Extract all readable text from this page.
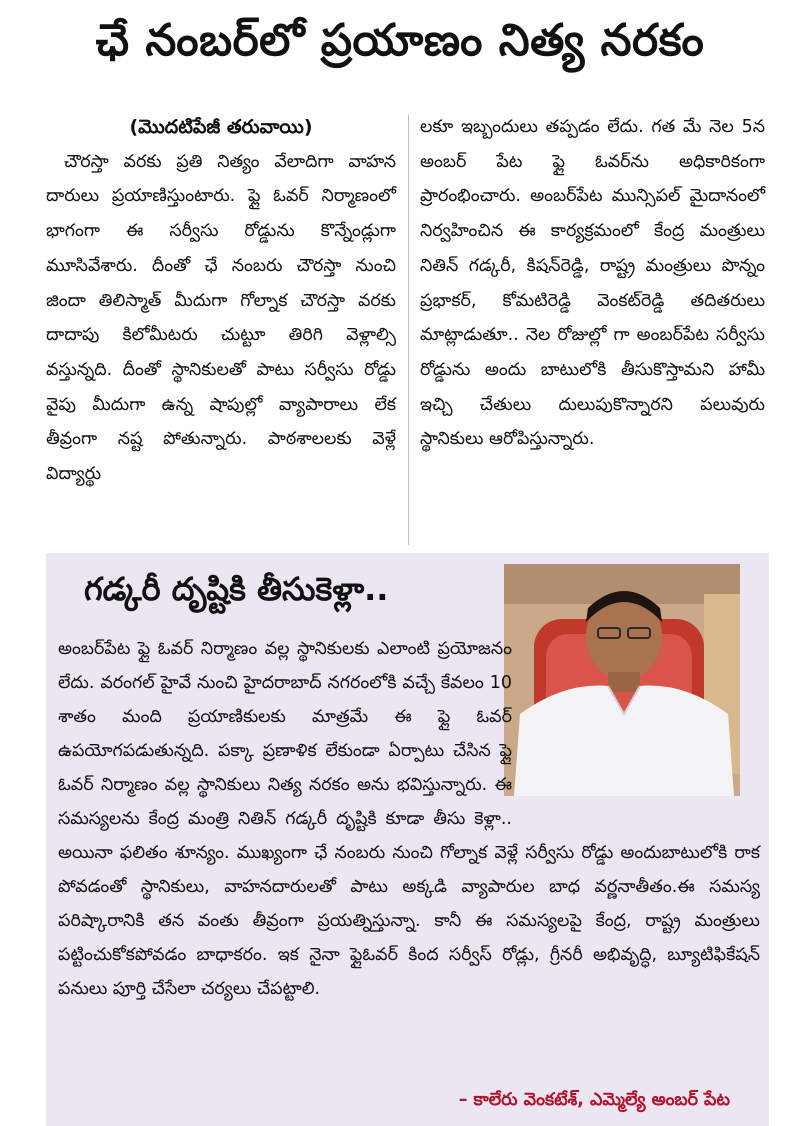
ఛే నంబర్‌లో ప్రయాణం నిత్య నరకం
(మొదటిపేజీ తరువాయి)
చౌరస్తా వరకు ప్రతి నిత్యం వేలాదిగా వాహన దారులు ప్రయాణిస్తుంటారు. ఫ్లై ఓవర్ నిర్మాణంలో భాగంగా ఈ సర్వీసు రోడ్డును కొన్నేండ్లుగా మూసివేశారు. దీంతో ఛే నంబరు చౌరస్తా నుంచి జిందా తిలిస్మాత్ మీదుగా గోల్నాక చౌరస్తా వరకు దాదాపు కిలోమీటరు చుట్టూ తిరిగి వెళ్లాల్సి వస్తున్నది. దీంతో స్థానికులతో పాటు సర్వీసు రోడ్డు వైపు మీదుగా ఉన్న షాపుల్లో వ్యాపారాలు లేక తీవ్రంగా నష్ట పోతున్నారు. పాఠశాలలకు వెళ్లే విద్యార్థు
లకూ ఇబ్బందులు తప్పడం లేదు. గత మే నెల 5న అంబర్ పేట ఫ్లై ఓవర్‌ను అధికారికంగా ప్రారంభించారు. అంబర్‌పేట మున్సిపల్ మైదానంలో నిర్వహించిన ఈ కార్యక్రమంలో కేంద్ర మంత్రులు నితిన్ గడ్కరీ, కిషన్‌రెడ్డి, రాష్ట్ర మంత్రులు పొన్నం ప్రభాకర్, కోమటిరెడ్డి వెంకట్‌రెడ్డి తదితరులు మాట్లాడుతూ.. నెల రోజుల్లో గా అంబర్‌పేట సర్వీసు రోడ్డును అందు బాటులోకి తీసుకొస్తామని హామీ ఇచ్చి చేతులు దులుపుకొన్నారని పలువురు స్థానికులు ఆరోపిస్తున్నారు.
గడ్కరీ దృష్టికి తీసుకెళ్లా..
అంబర్‌పేట ఫ్లై ఓవర్ నిర్మాణం వల్ల స్థానికులకు ఎలాంటి ప్రయోజనం లేదు. వరంగల్ హైవే నుంచి హైదరాబాద్ నగరంలోకి వచ్చే కేవలం 10 శాతం మంది ప్రయాణికులకు మాత్రమే ఈ ఫ్లై ఓవర్ ఉపయోగపడుతున్నది. పక్కా ప్రణాళిక లేకుండా ఏర్పాటు చేసిన ఫ్లై ఓవర్ నిర్మాణం వల్ల స్థానికులు నిత్య నరకం అను భవిస్తున్నారు. ఈ సమస్యలను కేంద్ర మంత్రి నితిన్ గడ్కరీ దృష్టికి కూడా తీసు కెళ్లా.. అయినా ఫలితం శూన్యం. ముఖ్యంగా ఛే నంబరు నుంచి గోల్నాక వెళ్లే సర్వీసు రోడ్డు అందుబాటులోకి రాక పోవడంతో స్థానికులు, వాహనదారులతో పాటు అక్కడి వ్యాపారుల బాధ వర్ణనాతీతం.ఈ సమస్య పరిష్కారానికి తన వంతు తీవ్రంగా ప్రయత్నిస్తున్నా. కానీ ఈ సమస్యలపై కేంద్ర, రాష్ట్ర మంత్రులు పట్టించుకోకపోవడం బాధాకరం. ఇక నైనా ఫ్లైఓవర్ కింద సర్వీస్ రోడ్లు, గ్రీనరీ అభివృద్ధి, బ్యూటిఫికేషన్ పనులు పూర్తి చేసేలా చర్యలు చేపట్టాలి.
– కాలేరు వెంకటేశ్, ఎమ్మెల్యే అంబర్ పేట
